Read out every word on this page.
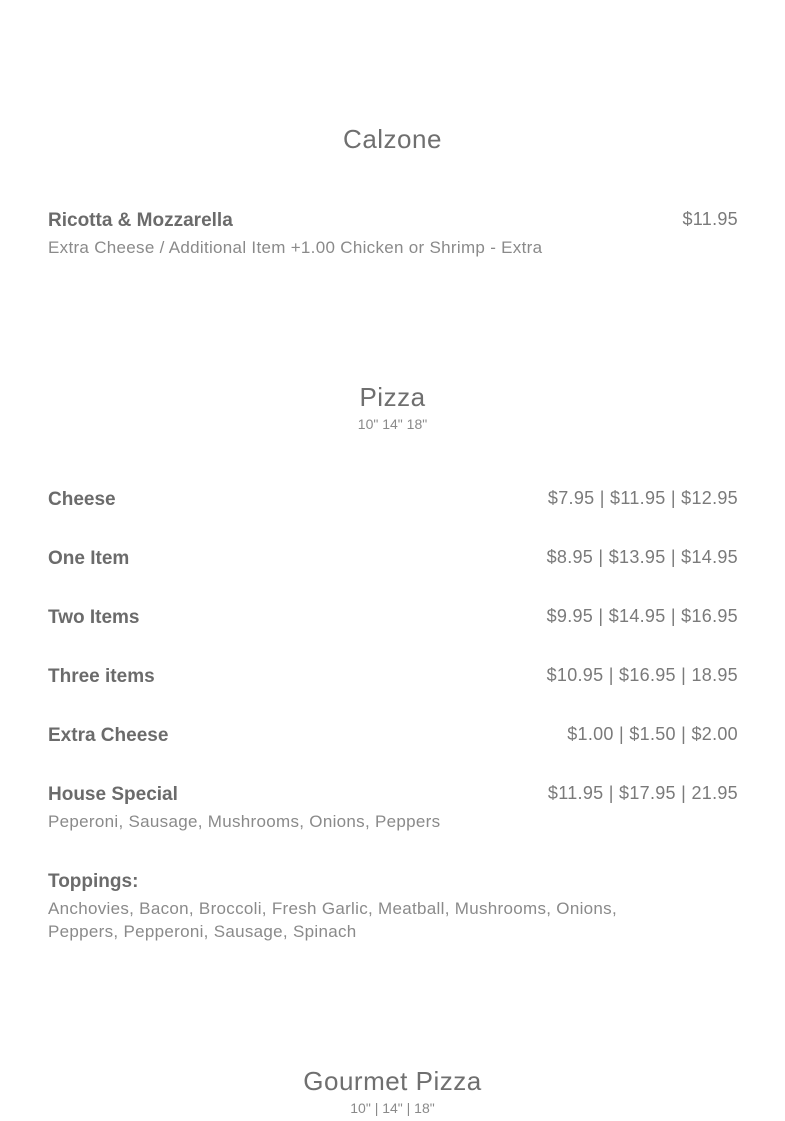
Calzone
Ricotta & Mozzarella	$11.95
Extra Cheese / Additional Item +1.00 Chicken or Shrimp - Extra
Pizza
10" 14" 18"
Cheese	$7.95 | $11.95 | $12.95
One Item	$8.95 | $13.95 | $14.95
Two Items	$9.95 | $14.95 | $16.95
Three items	$10.95 | $16.95 | 18.95
Extra Cheese	$1.00 | $1.50 | $2.00
House Special	$11.95 | $17.95 | 21.95
Peperoni, Sausage, Mushrooms, Onions, Peppers
Toppings:
Anchovies, Bacon, Broccoli, Fresh Garlic, Meatball, Mushrooms, Onions, Peppers, Pepperoni, Sausage, Spinach
Gourmet Pizza
10" | 14" | 18"
